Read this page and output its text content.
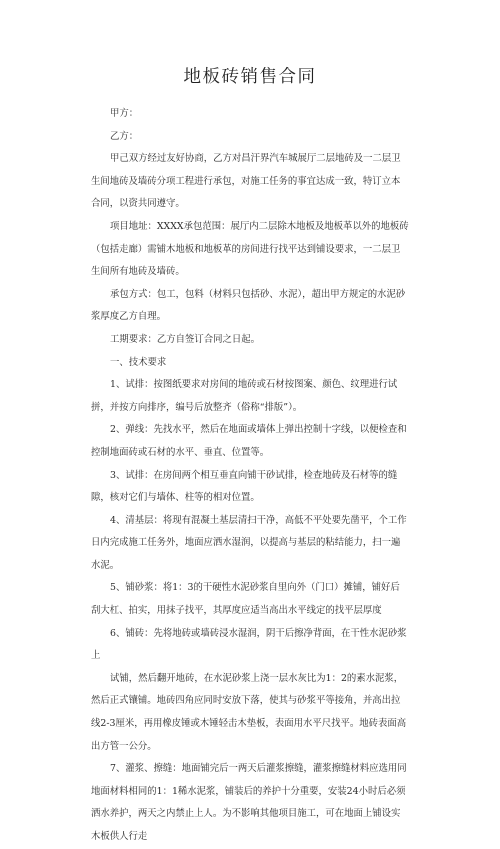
地板砖销售合同

甲方：

乙方：

甲己双方经过友好协商，乙方对昌汗界汽车城展厅二层地砖及一二层卫生间地砖及墙砖分项工程进行承包，对施工任务的事宜达成一致，特订立本合同，以资共同遵守。

项目地址：XXXX承包范围：展厅内二层除木地板及地板革以外的地板砖（包括走廊）需铺木地板和地板革的房间进行找平达到铺设要求，一二层卫生间所有地砖及墙砖。

承包方式：包工，包料（材料只包括砂、水泥），超出甲方规定的水泥砂浆厚度乙方自理。

工期要求：乙方自签订合同之日起。

一、技术要求

1、试排：按图纸要求对房间的地砖或石材按图案、颜色、纹理进行试拼，并按方向排序，编号后放整齐（俗称“排版”）。

2、弹线：先找水平，然后在地面或墙体上弹出控制十字线，以便检查和控制地面砖或石材的水平、垂直、位置等。

3、试排：在房间两个相互垂直向铺干砂试排，检查地砖及石材等的缝隙，核对它们与墙体、柱等的相对位置。

4、清基层：将现有混凝土基层清扫干净，高低不平处要先凿平，个工作日内完成施工任务外，地面应洒水湿润，以提高与基层的粘结能力，扫一遍水泥。

5、铺砂浆：将1：3的干硬性水泥砂浆自里向外（门口）摊铺，铺好后刮大杠、拍实，用抹子找平，其厚度应适当高出水平线定的找平层厚度

6、铺砖：先将地砖或墙砖浸水湿润，阴干后擦净背面，在干性水泥砂浆上

试铺，然后翻开地砖，在水泥砂浆上浇一层水灰比为1：2的素水泥浆，然后正式镶铺。地砖四角应同时安放下落，使其与砂浆平等接角，并高出拉线2-3厘米，再用橡皮锤或木锤轻击木垫板，表面用水平尺找平。地砖表面高出方管一公分。

7、灌浆、擦缝：地面铺完后一两天后灌浆擦缝，灌浆擦缝材料应选用同地面材料相同的1：1稀水泥浆，铺装后的养护十分重要，安装24小时后必须洒水养护，两天之内禁止上人。为不影响其他项目施工，可在地面上铺设实木板供人行走
